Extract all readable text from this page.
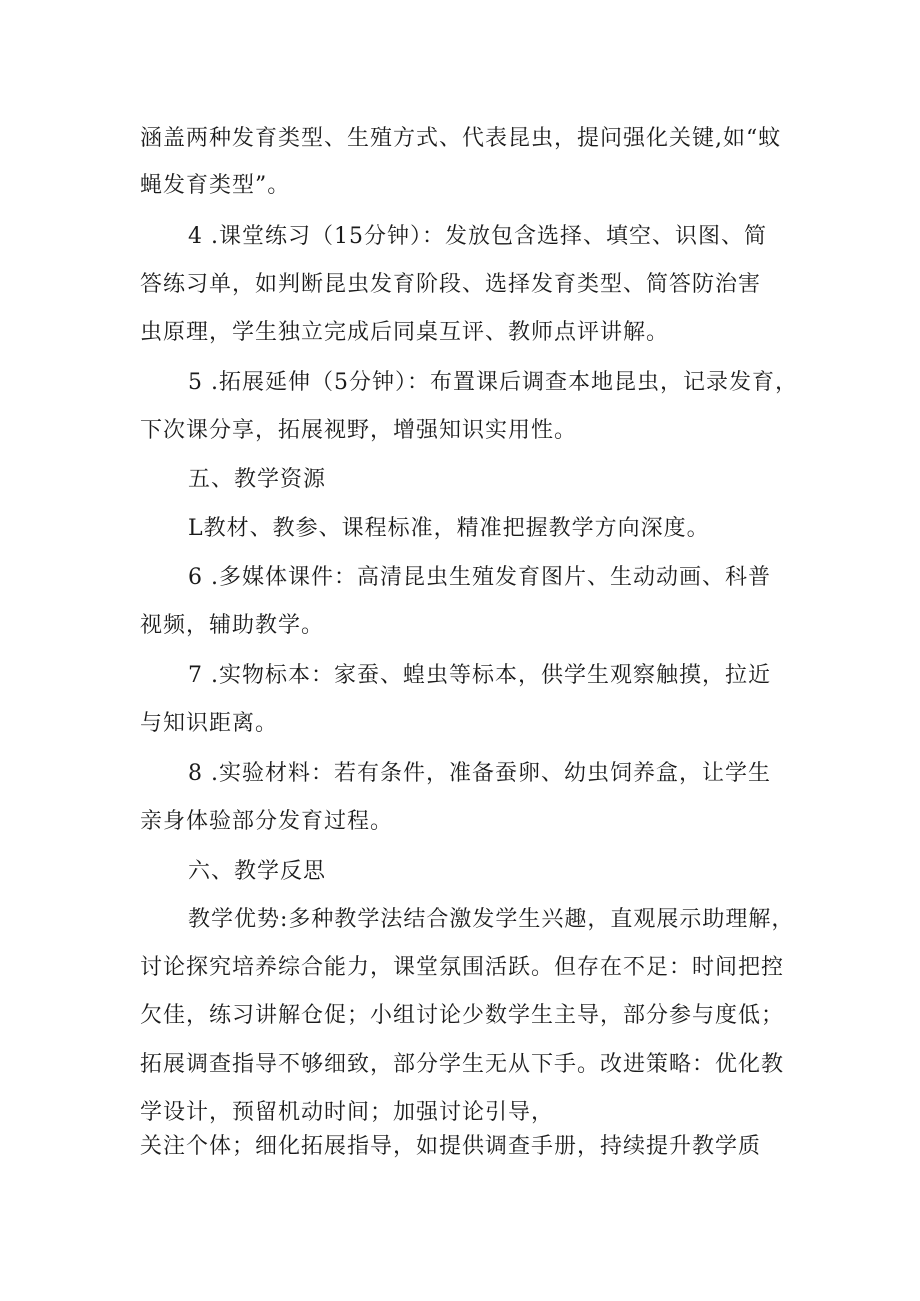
涵盖两种发育类型、生殖方式、代表昆虫，提问强化关键,如“蚊
蝇发育类型”。
4 .课堂练习（15分钟）：发放包含选择、填空、识图、简
答练习单，如判断昆虫发育阶段、选择发育类型、简答防治害
虫原理，学生独立完成后同桌互评、教师点评讲解。
5 .拓展延伸（5分钟）：布置课后调查本地昆虫，记录发育，
下次课分享，拓展视野，增强知识实用性。
五、教学资源
L教材、教参、课程标准，精准把握教学方向深度。
6 .多媒体课件：高清昆虫生殖发育图片、生动动画、科普
视频，辅助教学。
7 .实物标本：家蚕、蝗虫等标本，供学生观察触摸，拉近
与知识距离。
8 .实验材料：若有条件，准备蚕卵、幼虫饲养盒，让学生
亲身体验部分发育过程。
六、教学反思
教学优势:多种教学法结合激发学生兴趣，直观展示助理解，
讨论探究培养综合能力，课堂氛围活跃。但存在不足：时间把控
欠佳，练习讲解仓促；小组讨论少数学生主导，部分参与度低；
拓展调查指导不够细致，部分学生无从下手。改进策略：优化教
学设计，预留机动时间；加强讨论引导，
关注个体；细化拓展指导，如提供调查手册，持续提升教学质
